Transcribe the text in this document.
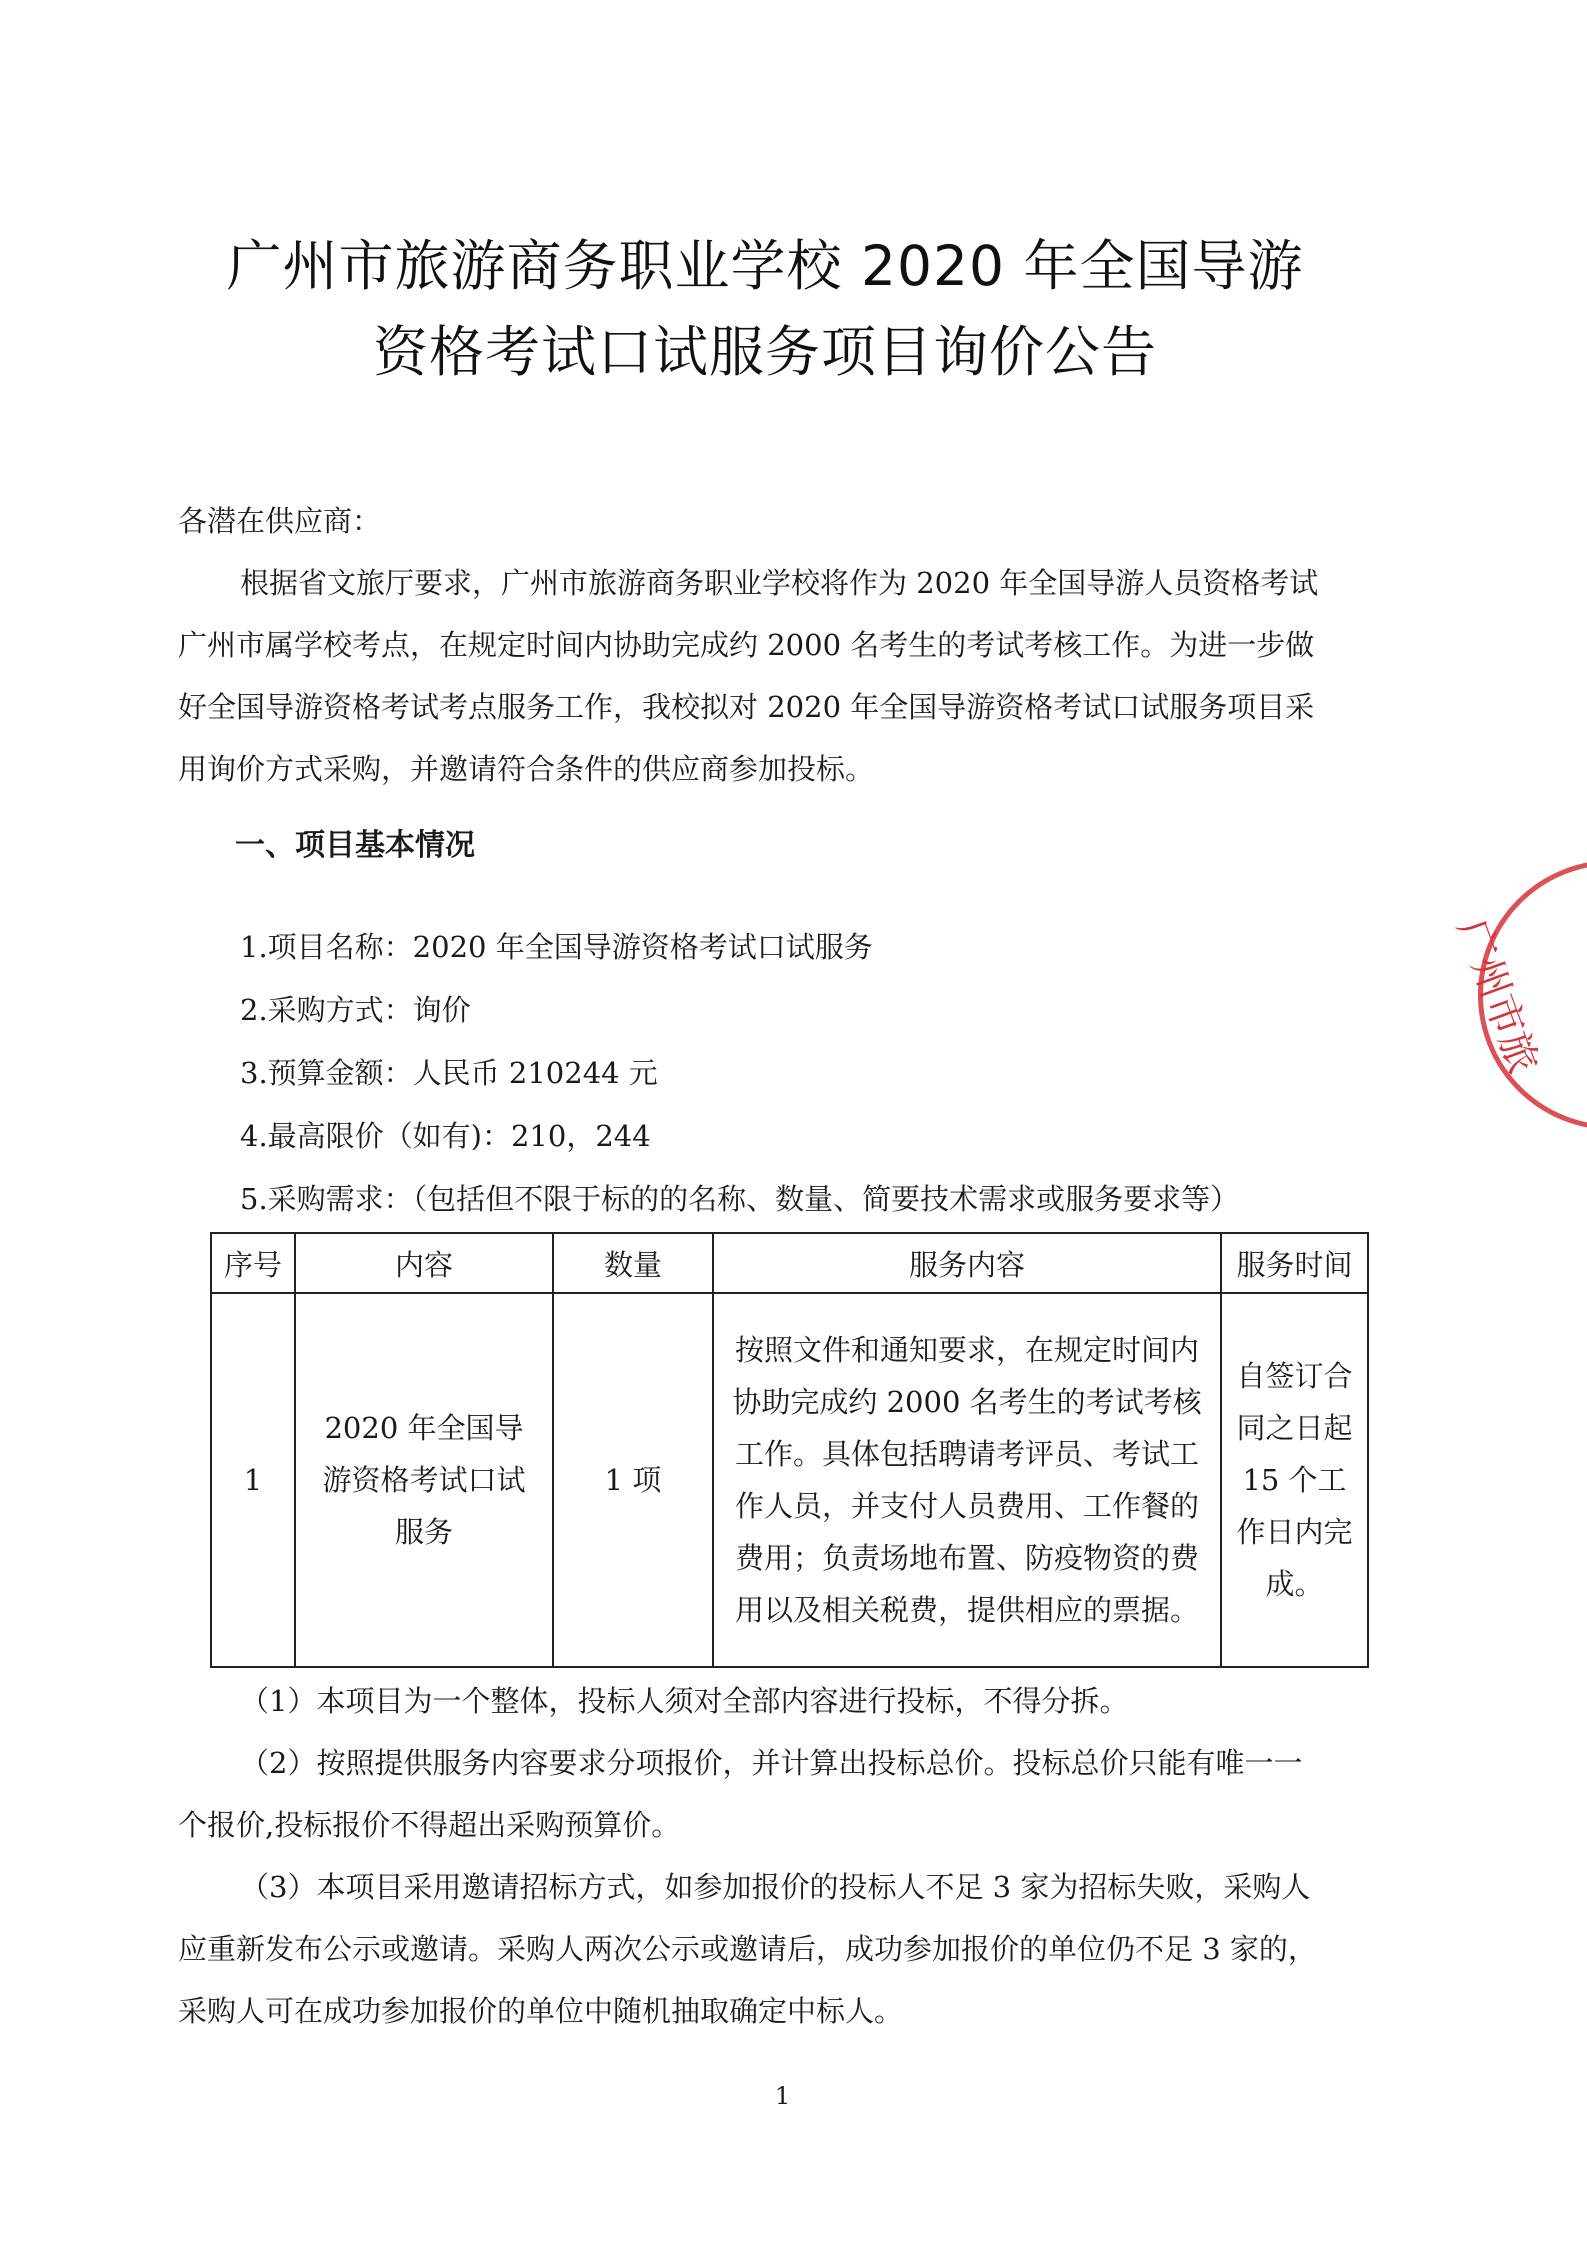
广州市旅游商务职业学校 2020 年全国导游
资格考试口试服务项目询价公告
各潜在供应商：
根据省文旅厅要求，广州市旅游商务职业学校将作为 2020 年全国导游人员资格考试
广州市属学校考点，在规定时间内协助完成约 2000 名考生的考试考核工作。为进一步做
好全国导游资格考试考点服务工作，我校拟对 2020 年全国导游资格考试口试服务项目采
用询价方式采购，并邀请符合条件的供应商参加投标。
一、项目基本情况
1.项目名称：2020 年全国导游资格考试口试服务
2.采购方式：询价
3.预算金额：人民币 210244 元
4.最高限价（如有)：210，244
5.采购需求：（包括但不限于标的的名称、数量、简要技术需求或服务要求等）
序号	内容	数量	服务内容	服务时间
1	2020 年全国导游资格考试口试服务	1 项	按照文件和通知要求，在规定时间内协助完成约 2000 名考生的考试考核工作。具体包括聘请考评员、考试工作人员，并支付人员费用、工作餐的费用；负责场地布置、防疫物资的费用以及相关税费，提供相应的票据。	自签订合同之日起 15 个工作日内完成。
（1）本项目为一个整体，投标人须对全部内容进行投标，不得分拆。
（2）按照提供服务内容要求分项报价，并计算出投标总价。投标总价只能有唯一一
个报价,投标报价不得超出采购预算价。
（3）本项目采用邀请招标方式，如参加报价的投标人不足 3 家为招标失败，采购人
应重新发布公示或邀请。采购人两次公示或邀请后，成功参加报价的单位仍不足 3 家的，
采购人可在成功参加报价的单位中随机抽取确定中标人。
1
广州市旅
